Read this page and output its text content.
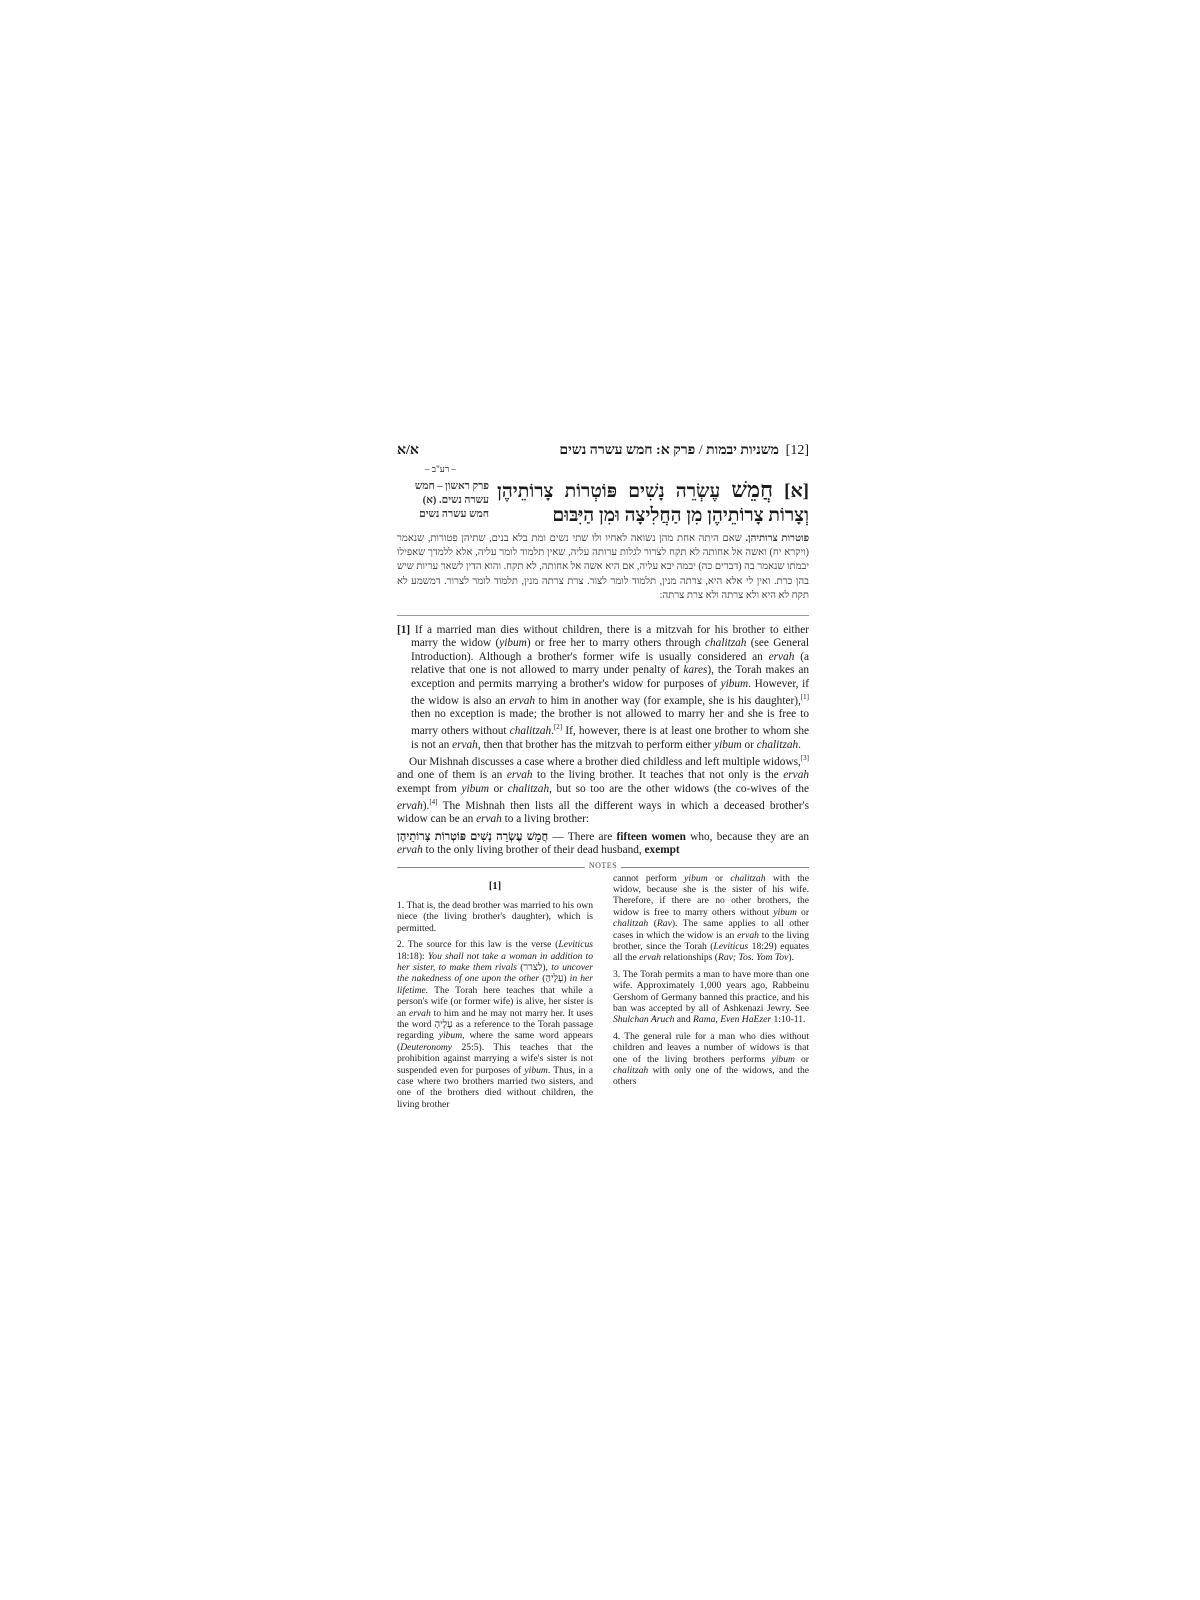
[12]
משניות יבמות / פרק א: חמש עשרה נשים
א/א
– רע"ב –
[א] חֲמֵשׁ עֶשְׂרֵה נָשִׁים פּוֹטְרוֹת צָרוֹתֵיהֶן וְצָרוֹת צָרוֹתֵיהֶן מִן הַחֲלִיצָה וּמִן הַיִּבּוּם
פרק ראשון – חמש
עשרה נשים. (א)
חמש עשרה נשים
פוטרות צרותיהן. שאם היתה אחת מהן נשואה לאחיו ולו שתי נשים ומת בלא בנים, שתיהן פטורות, שנאמר (ויקרא יח) ואשה אל אחותה לא תקח לצרור לגלות ערותה עליה, שאין תלמוד לומר עליה, אלא ללמדך שאפילו יבמתו שנאמר בה (דברים כה) יבמה יבא עליה, אם היא אשה אל אחותה, לא תקח. והוא הדין לשאר עריות שיש בהן כרת. ואין לי אלא היא, צרתה מנין, תלמוד לומר לצור. צרת צרתה מנין, תלמוד לומר לצרור. דמשמע לא תקח לא היא ולא צרתה ולא צרת צרתה:

[1] If a married man dies without children, there is a mitzvah for his brother to either marry the widow (yibum) or free her to marry others through chalitzah (see General Introduction). Although a brother's former wife is usually considered an ervah (a relative that one is not allowed to marry under penalty of kares), the Torah makes an exception and permits marrying a brother's widow for purposes of yibum. However, if the widow is also an ervah to him in another way (for example, she is his daughter),[1] then no exception is made; the brother is not allowed to marry her and she is free to marry others without chalitzah.[2] If, however, there is at least one brother to whom she is not an ervah, then that brother has the mitzvah to perform either yibum or chalitzah.

Our Mishnah discusses a case where a brother died childless and left multiple widows,[3] and one of them is an ervah to the living brother. It teaches that not only is the ervah exempt from yibum or chalitzah, but so too are the other widows (the co-wives of the ervah).[4] The Mishnah then lists all the different ways in which a deceased brother's widow can be an ervah to a living brother:

חֲמֵשׁ עֶשְׂרֵה נָשִׁים פּוֹטְרוֹת צָרוֹתֵיהֶן — There are fifteen women who, because they are an ervah to the only living brother of their dead husband, exempt

NOTES
[1]

1. That is, the dead brother was married to his own niece (the living brother's daughter), which is permitted.

2. The source for this law is the verse (Leviticus 18:18): You shall not take a woman in addition to her sister, to make them rivals (לצרר), to uncover the nakedness of one upon the other (עָלֶיהָ) in her lifetime. The Torah here teaches that while a person's wife (or former wife) is alive, her sister is an ervah to him and he may not marry her. It uses the word עָלֶיהָ as a reference to the Torah passage regarding yibum, where the same word appears (Deuteronomy 25:5). This teaches that the prohibition against marrying a wife's sister is not suspended even for purposes of yibum. Thus, in a case where two brothers married two sisters, and one of the brothers died without children, the living brother

cannot perform yibum or chalitzah with the widow, because she is the sister of his wife. Therefore, if there are no other brothers, the widow is free to marry others without yibum or chalitzah (Rav). The same applies to all other cases in which the widow is an ervah to the living brother, since the Torah (Leviticus 18:29) equates all the ervah relationships (Rav; Tos. Yom Tov).

3. The Torah permits a man to have more than one wife. Approximately 1,000 years ago, Rabbeinu Gershom of Germany banned this practice, and his ban was accepted by all of Ashkenazi Jewry. See Shulchan Aruch and Rama, Even HaEzer 1:10-11.

4. The general rule for a man who dies without children and leaves a number of widows is that one of the living brothers performs yibum or chalitzah with only one of the widows, and the others
